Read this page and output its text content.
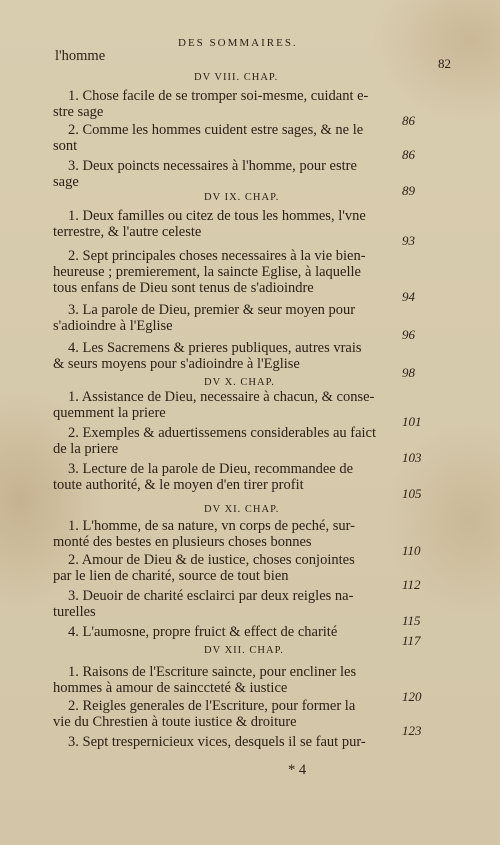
DES SOMMAIRES.
82
l'homme
DV VIII. CHAP.
1. Chose facile de se tromper soi-mesme, cuidant e-
stre sage
86
2. Comme les hommes cuident estre sages, & ne le
sont
86
3. Deux poincts necessaires à l'homme, pour estre
sage
89
DV IX. CHAP.
1. Deux familles ou citez de tous les hommes, l'vne
terrestre, & l'autre celeste
93
2. Sept principales choses necessaires à la vie bien-
heureuse ; premierement, la saincte Eglise, à laquelle
tous enfans de Dieu sont tenus de s'adioindre
94
3. La parole de Dieu, premier & seur moyen pour
s'adioindre à l'Eglise
96
4. Les Sacremens & prieres publiques, autres vrais
& seurs moyens pour s'adioindre à l'Eglise
98
DV X. CHAP.
1. Assistance de Dieu, necessaire à chacun, & conse-
quemment la priere
101
2. Exemples & aduertissemens considerables au faict
de la priere
103
3. Lecture de la parole de Dieu, recommandee de
toute authorité, & le moyen d'en tirer profit
105
DV XI. CHAP.
1. L'homme, de sa nature, vn corps de peché, sur-
monté des bestes en plusieurs choses bonnes
110
2. Amour de Dieu & de iustice, choses conjointes
par le lien de charité, source de tout bien
112
3. Deuoir de charité esclairci par deux reigles na-
turelles
115
4. L'aumosne, propre fruict & effect de charité
117
DV XII. CHAP.
1. Raisons de l'Escriture saincte, pour encliner les
hommes à amour de sainccteté & iustice
120
2. Reigles generales de l'Escriture, pour former la
vie du Chrestien à toute iustice & droiture
123
3. Sept trespernicieux vices, desquels il se faut pur-
* 4
